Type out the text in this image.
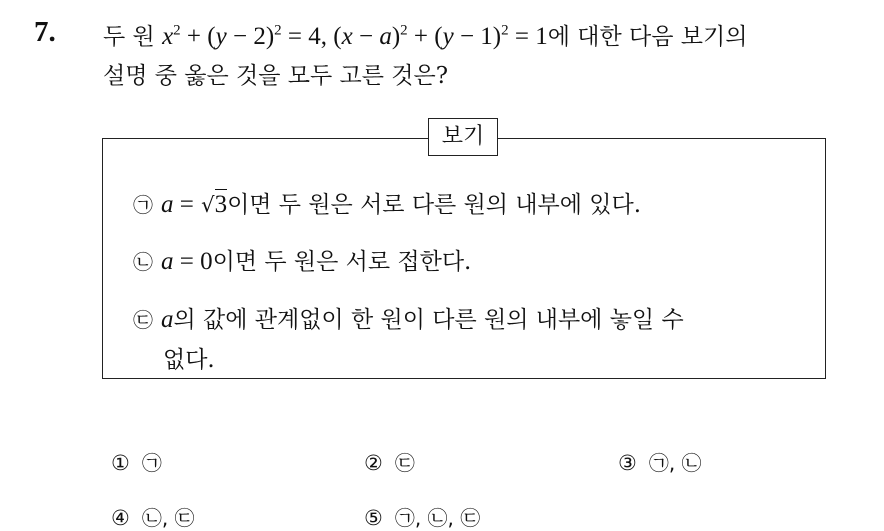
7. 두 원 $x^2 + (y - 2)^2 = 4$, $(x - a)^2 + (y - 1)^2 = 1$에 대한 다음 보기의
설명 중 옳은 것을 모두 고른 것은?
보기
㉠ a = √3이면 두 원은 서로 다른 원의 내부에 있다.
㉡ a = 0이면 두 원은 서로 접한다.
㉢ a의 값에 관계없이 한 원이 다른 원의 내부에 놓일 수
없다.
① ㉠	② ㉢	③ ㉠, ㉡
④ ㉡, ㉢	⑤ ㉠, ㉡, ㉢
